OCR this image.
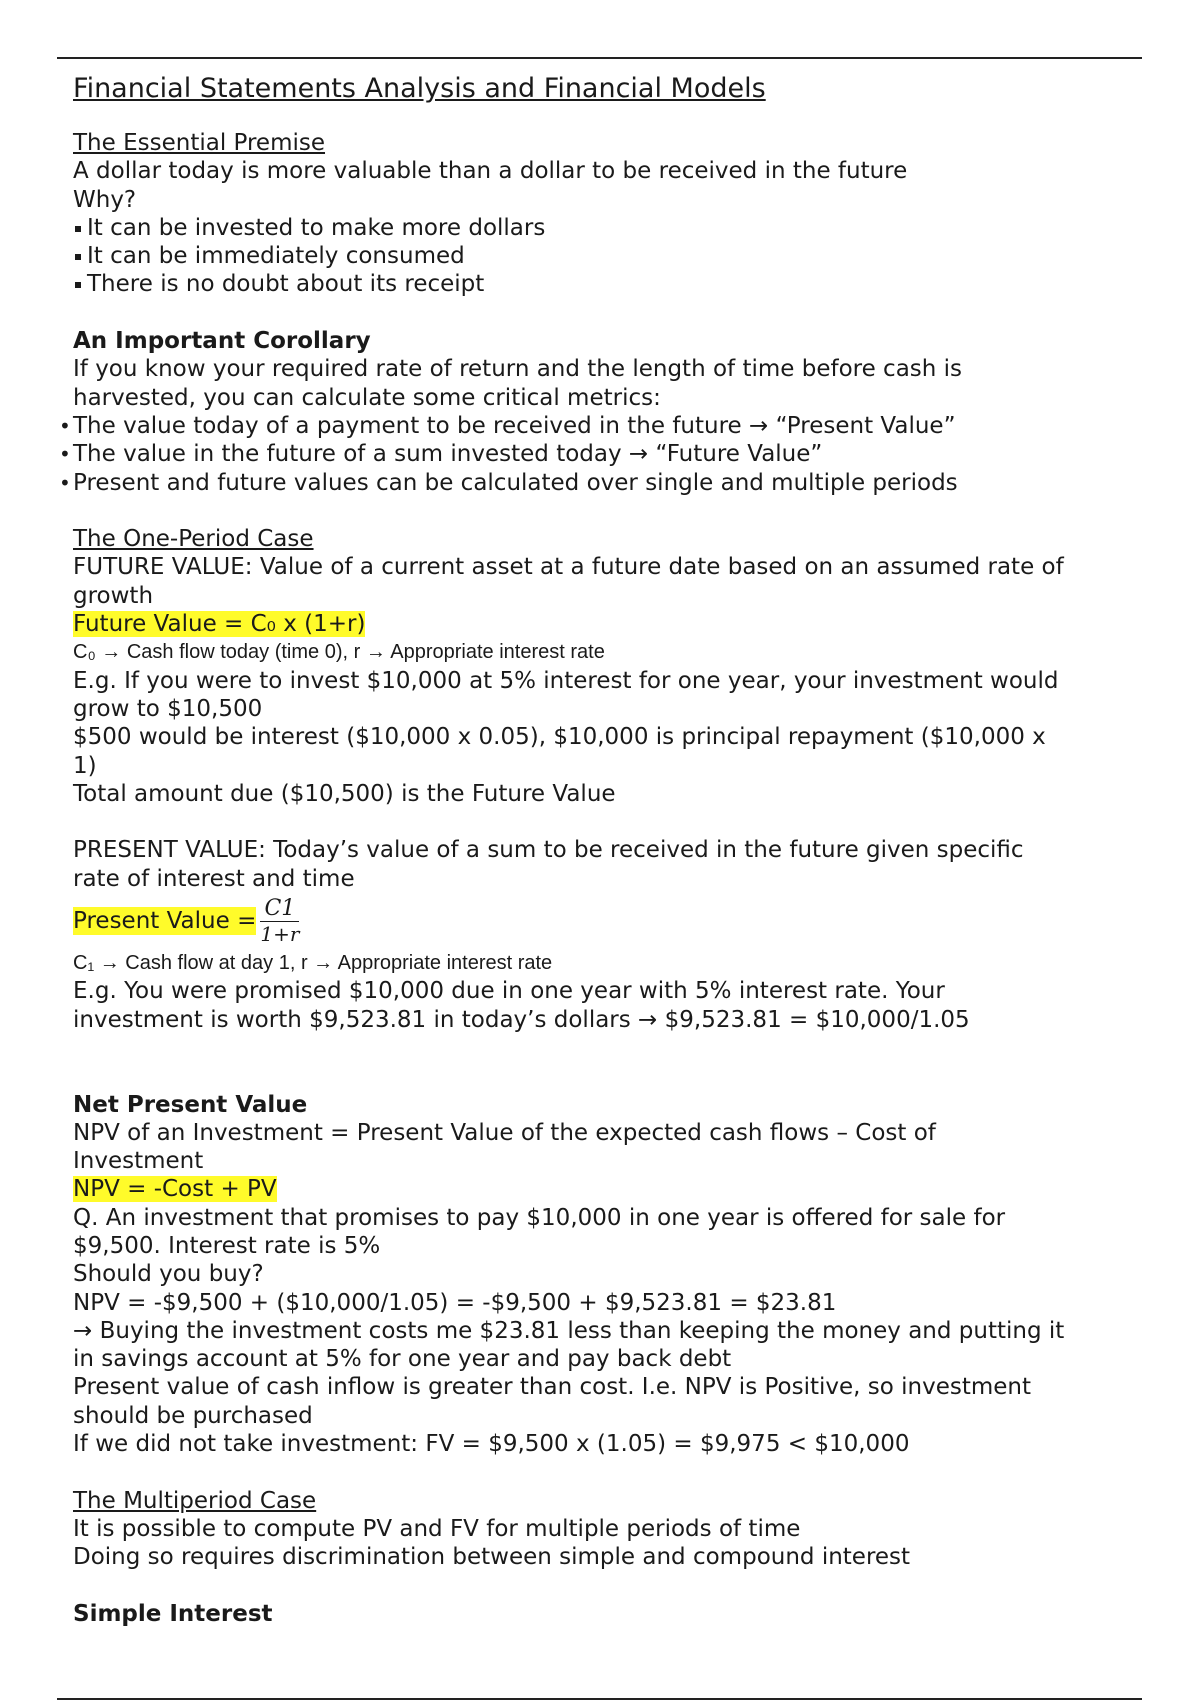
Financial Statements Analysis and Financial Models
The Essential Premise
A dollar today is more valuable than a dollar to be received in the future
Why?
It can be invested to make more dollars
It can be immediately consumed
There is no doubt about its receipt
An Important Corollary
If you know your required rate of return and the length of time before cash is
harvested, you can calculate some critical metrics:
• The value today of a payment to be received in the future → “Present Value”
• The value in the future of a sum invested today → “Future Value”
• Present and future values can be calculated over single and multiple periods
The One-Period Case
FUTURE VALUE: Value of a current asset at a future date based on an assumed rate of
growth
Future Value = C₀ x (1+r)
C₀ → Cash flow today (time 0), r → Appropriate interest rate
E.g. If you were to invest $10,000 at 5% interest for one year, your investment would
grow to $10,500
$500 would be interest ($10,000 x 0.05), $10,000 is principal repayment ($10,000 x
1)
Total amount due ($10,500) is the Future Value
PRESENT VALUE: Today’s value of a sum to be received in the future given specific
rate of interest and time
Present Value = $\frac{C1}{1+r}$
C₁ → Cash flow at day 1, r → Appropriate interest rate
E.g. You were promised $10,000 due in one year with 5% interest rate. Your
investment is worth $9,523.81 in today’s dollars → $9,523.81 = $10,000/1.05
Net Present Value
NPV of an Investment = Present Value of the expected cash flows – Cost of
Investment
NPV = -Cost + PV
Q. An investment that promises to pay $10,000 in one year is offered for sale for
$9,500. Interest rate is 5%
Should you buy?
NPV = -$9,500 + ($10,000/1.05) = -$9,500 + $9,523.81 = $23.81
→ Buying the investment costs me $23.81 less than keeping the money and putting it
in savings account at 5% for one year and pay back debt
Present value of cash inflow is greater than cost. I.e. NPV is Positive, so investment
should be purchased
If we did not take investment: FV = $9,500 x (1.05) = $9,975 < $10,000
The Multiperiod Case
It is possible to compute PV and FV for multiple periods of time
Doing so requires discrimination between simple and compound interest
Simple Interest
